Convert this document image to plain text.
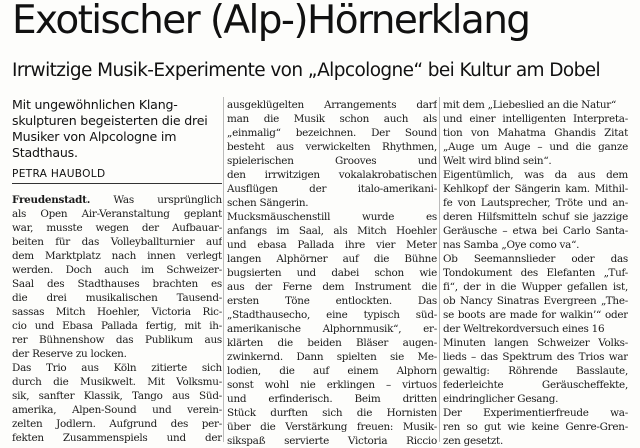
Exotischer (Alp-)Hörnerklang
Irrwitzige Musik-Experimente von „Alpcologne“ bei Kultur am Dobel
Mit ungewöhnlichen Klang-
skulpturen begeisterten die drei
Musiker von Alpcologne im
Stadthaus.
PETRA HAUBOLD
Freudenstadt. Was ursprünglich
als Open Air-Veranstaltung geplant
war, musste wegen der Aufbauar-
beiten für das Volleyballturnier auf
dem Marktplatz nach innen verlegt
werden. Doch auch im Schweizer-
Saal des Stadthauses brachten es
die drei musikalischen Tausend-
sassas Mitch Hoehler, Victoria Ric-
cio und Ebasa Pallada fertig, mit ih-
rer Bühnenshow das Publikum aus
der Reserve zu locken.
Das Trio aus Köln zitierte sich
durch die Musikwelt. Mit Volksmu-
sik, sanfter Klassik, Tango aus Süd-
amerika, Alpen-Sound und verein-
zelten Jodlern. Aufgrund des per-
fekten Zusammenspiels und der
ausgeklügelten Arrangements darf
man die Musik schon auch als
„einmalig“ bezeichnen. Der Sound
besteht aus verwickelten Rhythmen,
spielerischen Grooves und
den irrwitzigen vokalakrobatischen
Ausflügen der italo-amerikani-
schen Sängerin.
Mucksmäuschenstill wurde es
anfangs im Saal, als Mitch Hoehler
und ebasa Pallada ihre vier Meter
langen Alphörner auf die Bühne
bugsierten und dabei schon wie
aus der Ferne dem Instrument die
ersten Töne entlockten. Das
„Stadthausecho, eine typisch süd-
amerikanische Alphornmusik“, er-
klärten die beiden Bläser augen-
zwinkernd. Dann spielten sie Me-
lodien, die auf einem Alphorn
sonst wohl nie erklingen – virtuos
und erfinderisch. Beim dritten
Stück durften sich die Hornisten
über die Verstärkung freuen: Musik-
sikspaß servierte Victoria Riccio
mit dem „Liebeslied an die Natur“
und einer intelligenten Interpreta-
tion von Mahatma Ghandis Zitat
„Auge um Auge – und die ganze
Welt wird blind sein“.
Eigentümlich, was da aus dem
Kehlkopf der Sängerin kam. Mithil-
fe von Lautsprecher, Tröte und an-
deren Hilfsmitteln schuf sie jazzige
Geräusche – etwa bei Carlo Santa-
nas Samba „Oye como va“.
Ob Seemannslieder oder das
Tondokument des Elefanten „Tuf-
fi“, der in die Wupper gefallen ist,
ob Nancy Sinatras Evergreen „The-
se boots are made for walkin’“ oder
der Weltrekordversuch eines 16
Minuten langen Schweizer Volks-
lieds – das Spektrum des Trios war
gewaltig: Röhrende Basslaute,
federleichte Geräuscheffekte,
eindringlicher Gesang.
Der Experimentierfreude wa-
ren so gut wie keine Genre-Gren-
zen gesetzt.
